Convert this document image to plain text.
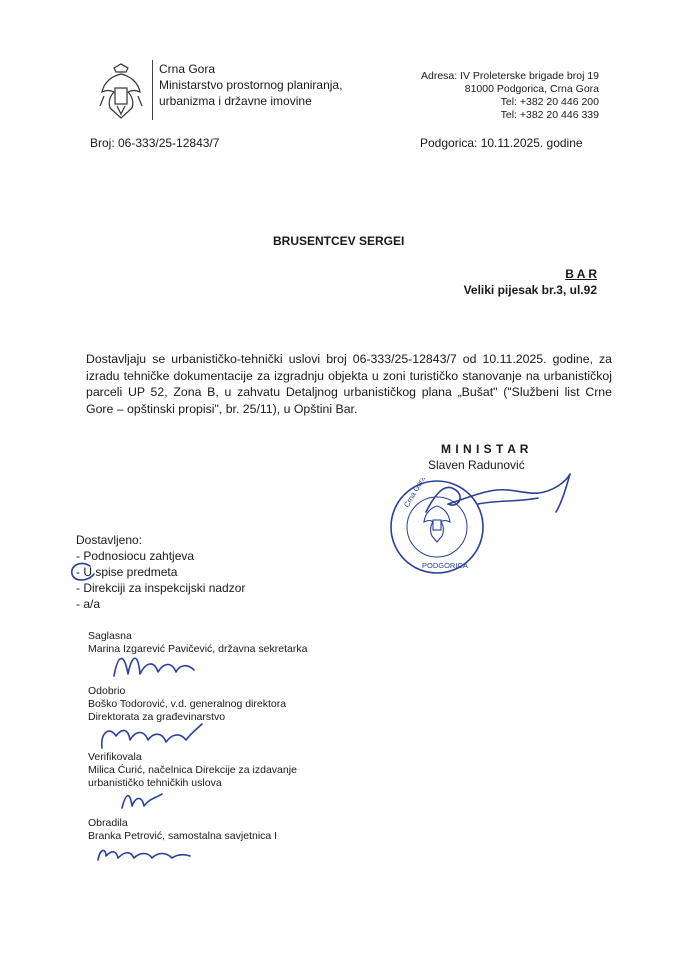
Crna Gora
Ministarstvo prostornog planiranja,
urbanizma i državne imovine
Adresa: IV Proleterske brigade broj 19
81000 Podgorica, Crna Gora
Tel: +382 20 446 200
Tel: +382 20 446 339
Broj: 06-333/25-12843/7	Podgorica: 10.11.2025. godine
BRUSENTCEV SERGEI
B A R
Veliki pijesak br.3, ul.92
Dostavljaju se urbanističko-tehnički uslovi broj 06-333/25-12843/7 od 10.11.2025. godine, za izradu tehničke dokumentacije za izgradnju objekta u zoni turističko stanovanje na urbanističkoj parceli UP 52, Zona B, u zahvatu Detaljnog urbanističkog plana „Bušat" ("Službeni list Crne Gore – opštinski propisi", br. 25/11), u Opštini Bar.
M I N I S T A R
Slaven Radunović
Crna Gora
PODGORICA
Dostavljeno:
- Podnosiocu zahtjeva
- U spise predmeta
- Direkciji za inspekcijski nadzor
- a/a
Saglasna
Marina Izgarević Pavičević, državna sekretarka
Odobrio
Boško Todorović, v.d. generalnog direktora
Direktorata za građevinarstvo
Verifikovala
Milica Ćurić, načelnica Direkcije za izdavanje
urbanističko tehničkih uslova
Obradila
Branka Petrović, samostalna savjetnica I
